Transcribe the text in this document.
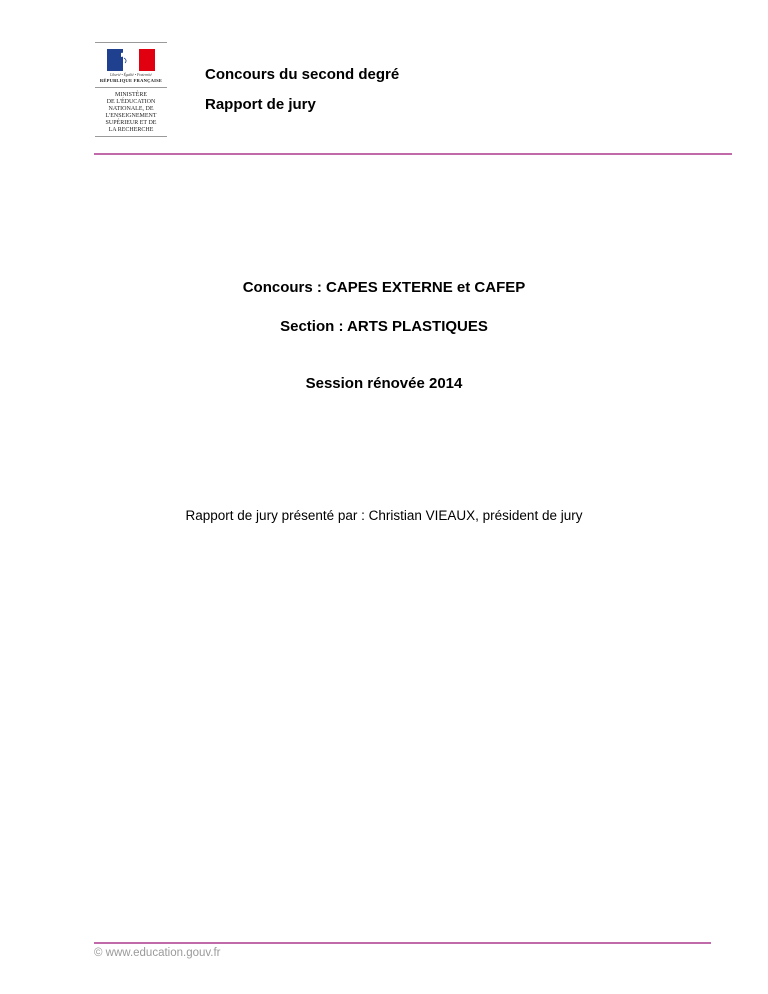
Liberté • Égalité • Fraternité
RÉPUBLIQUE FRANÇAISE
MINISTÈRE
DE L'ÉDUCATION
NATIONALE, DE
L'ENSEIGNEMENT
SUPÉRIEUR ET DE
LA RECHERCHE
Concours du second degré
Rapport de jury
Concours : CAPES EXTERNE et CAFEP
Section : ARTS PLASTIQUES
Session rénovée 2014
Rapport de jury présenté par : Christian VIEAUX, président de jury
© www.education.gouv.fr
